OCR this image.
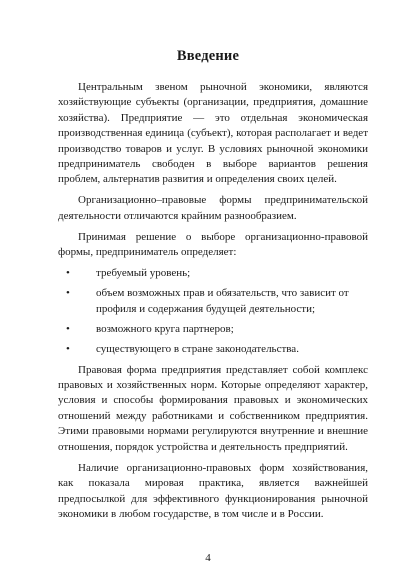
Введение

Центральным звеном рыночной экономики, являются хозяйствующие субъекты (организации, предприятия, домашние хозяйства). Предприятие — это отдельная экономическая производственная единица (субъект), которая располагает и ведет производство товаров и услуг. В условиях рыночной экономики предприниматель свободен в выборе вариантов решения проблем, альтернатив развития и определения своих целей.

Организационно–правовые формы предпринимательской деятельности отличаются крайним разнообразием.

Принимая решение о выборе организационно-правовой формы, предприниматель определяет:

• требуемый уровень;
• объем возможных прав и обязательств, что зависит от профиля и содержания будущей деятельности;
• возможного круга партнеров;
• существующего в стране законодательства.

Правовая форма предприятия представляет собой комплекс правовых и хозяйственных норм. Которые определяют характер, условия и способы формирования правовых и экономических отношений между работниками и собственником предприятия. Этими правовыми нормами регулируются внутренние и внешние отношения, порядок устройства и деятельность предприятий.

Наличие организационно-правовых форм хозяйствования, как показала мировая практика, является важнейшей предпосылкой для эффективного функционирования рыночной экономики в любом государстве, в том числе и в России.

4
